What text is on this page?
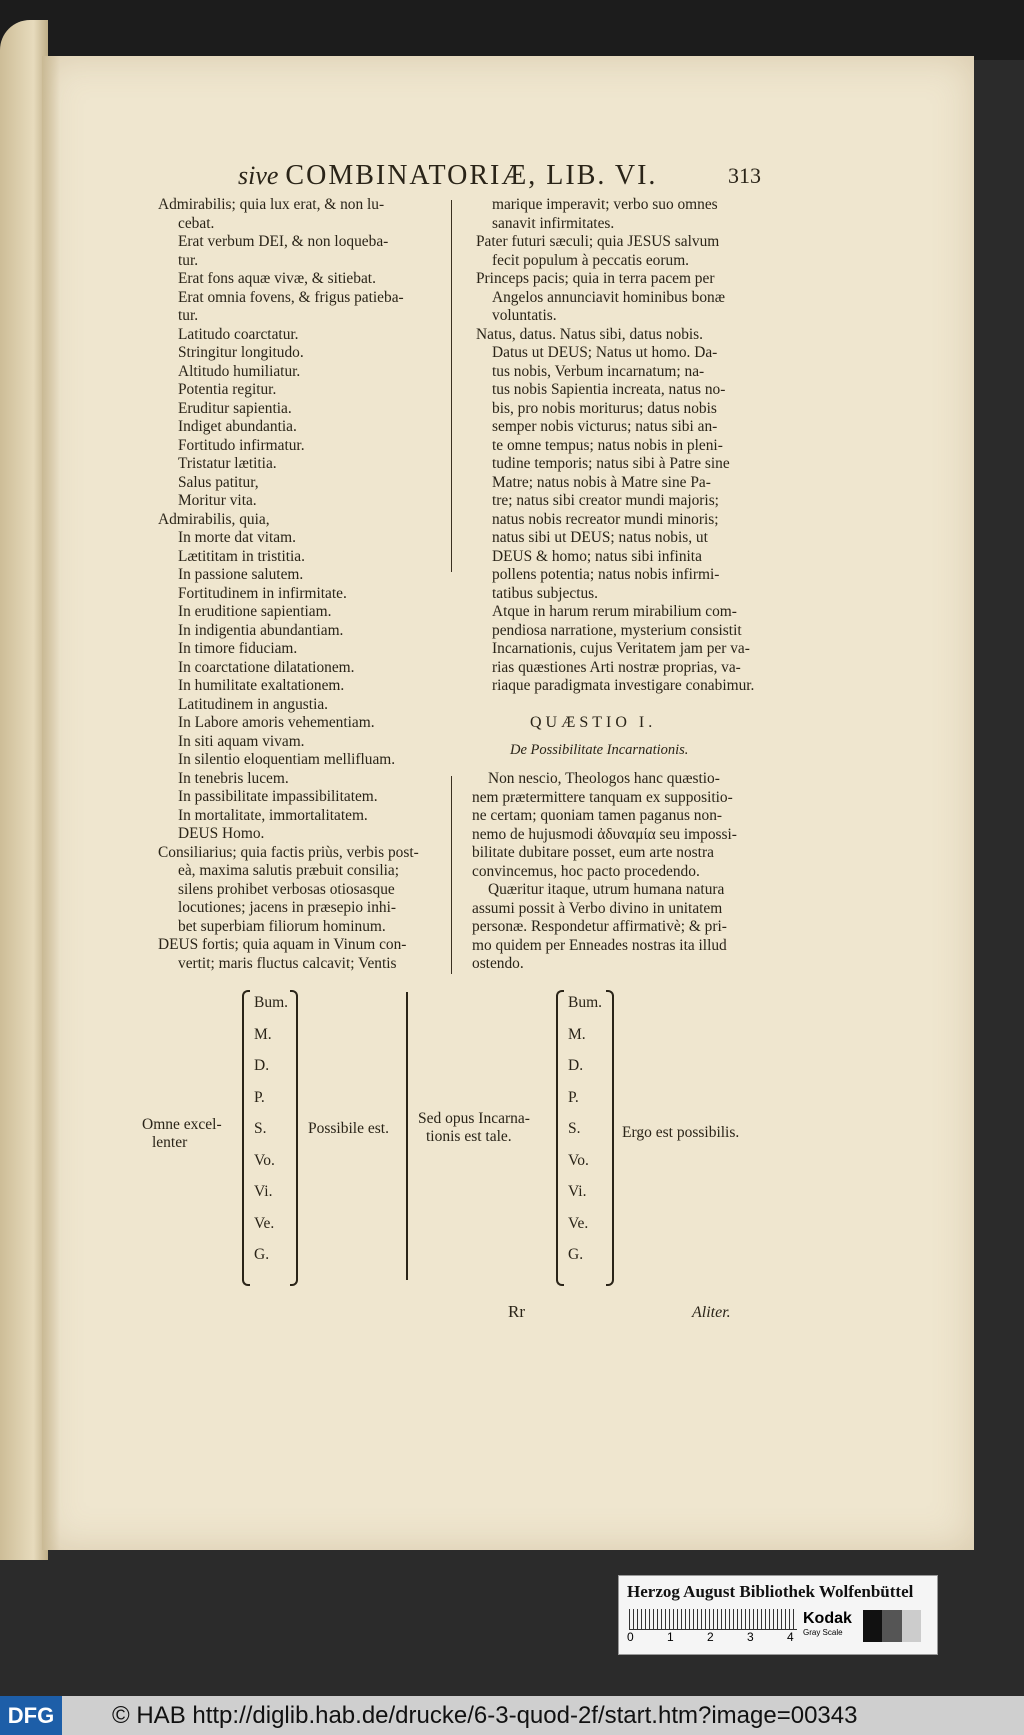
sive COMBINATORIÆ, LIB. VI.	313
Admirabilis; quia lux erat, & non lu-
cebat.
Erat verbum DEI, & non loqueba-
tur.
Erat fons aquæ vivæ, & sitiebat.
Erat omnia fovens, & frigus patieba-
tur.
Latitudo coarctatur.
Stringitur longitudo.
Altitudo humiliatur.
Potentia regitur.
Eruditur sapientia.
Indiget abundantia.
Fortitudo infirmatur.
Tristatur lætitia.
Salus patitur,
Moritur vita.
Admirabilis, quia,
In morte dat vitam.
Lætititam in tristitia.
In passione salutem.
Fortitudinem in infirmitate.
In eruditione sapientiam.
In indigentia abundantiam.
In timore fiduciam.
In coarctatione dilatationem.
In humilitate exaltationem.
Latitudinem in angustia.
In Labore amoris vehementiam.
In siti aquam vivam.
In silentio eloquentiam mellifluam.
In tenebris lucem.
In passibilitate impassibilitatem.
In mortalitate, immortalitatem.
DEUS Homo.
Consiliarius; quia factis priùs, verbis post-
eà, maxima salutis præbuit consilia;
silens prohibet verbosas otiosasque
locutiones; jacens in præsepio inhi-
bet superbiam filiorum hominum.
DEUS fortis; quia aquam in Vinum con-
vertit; maris fluctus calcavit; Ventis
marique imperavit; verbo suo omnes
sanavit infirmitates.
Pater futuri sæculi; quia JESUS salvum
fecit populum à peccatis eorum.
Princeps pacis; quia in terra pacem per
Angelos annunciavit hominibus bonæ
voluntatis.
Natus, datus. Natus sibi, datus nobis.
Datus ut DEUS; Natus ut homo. Da-
tus nobis, Verbum incarnatum; na-
tus nobis Sapientia increata, natus no-
bis, pro nobis moriturus; datus nobis
semper nobis victurus; natus sibi an-
te omne tempus; natus nobis in pleni-
tudine temporis; natus sibi à Patre sine
Matre; natus nobis à Matre sine Pa-
tre; natus sibi creator mundi majoris;
natus nobis recreator mundi minoris;
natus sibi ut DEUS; natus nobis, ut
DEUS & homo; natus sibi infinita
pollens potentia; natus nobis infirmi-
tatibus subjectus.
Atque in harum rerum mirabilium com-
pendiosa narratione, mysterium consistit
Incarnationis, cujus Veritatem jam per va-
rias quæstiones Arti nostræ proprias, va-
riaque paradigmata investigare conabimur.
QUÆSTIO I.
De Possibilitate Incarnationis.
Non nescio, Theologos hanc quæstio-
nem prætermittere tanquam ex suppositio-
ne certam; quoniam tamen paganus non-
nemo de hujusmodi ἀδυναμία seu impossi-
bilitate dubitare posset, eum arte nostra
convincemus, hoc pacto procedendo.
Quæritur itaque, utrum humana natura
assumi possit à Verbo divino in unitatem
personæ. Respondetur affirmativè; & pri-
mo quidem per Enneades nostras ita illud
ostendo.
Omne excel-
lenter
Bum.
M.
D.
P.
S.
Vo.
Vi.
Ve.
G.
Possibile est.
Sed opus Incarna-
tionis est tale.
Bum.
M.
D.
P.
S.
Vo.
Vi.
Ve.
G.
Ergo est possibilis.
Rr	Aliter.
Herzog August Bibliothek Wolfenbüttel
0	1	2	3	4
Kodak
Gray Scale
DFG	© HAB http://diglib.hab.de/drucke/6-3-quod-2f/start.htm?image=00343
